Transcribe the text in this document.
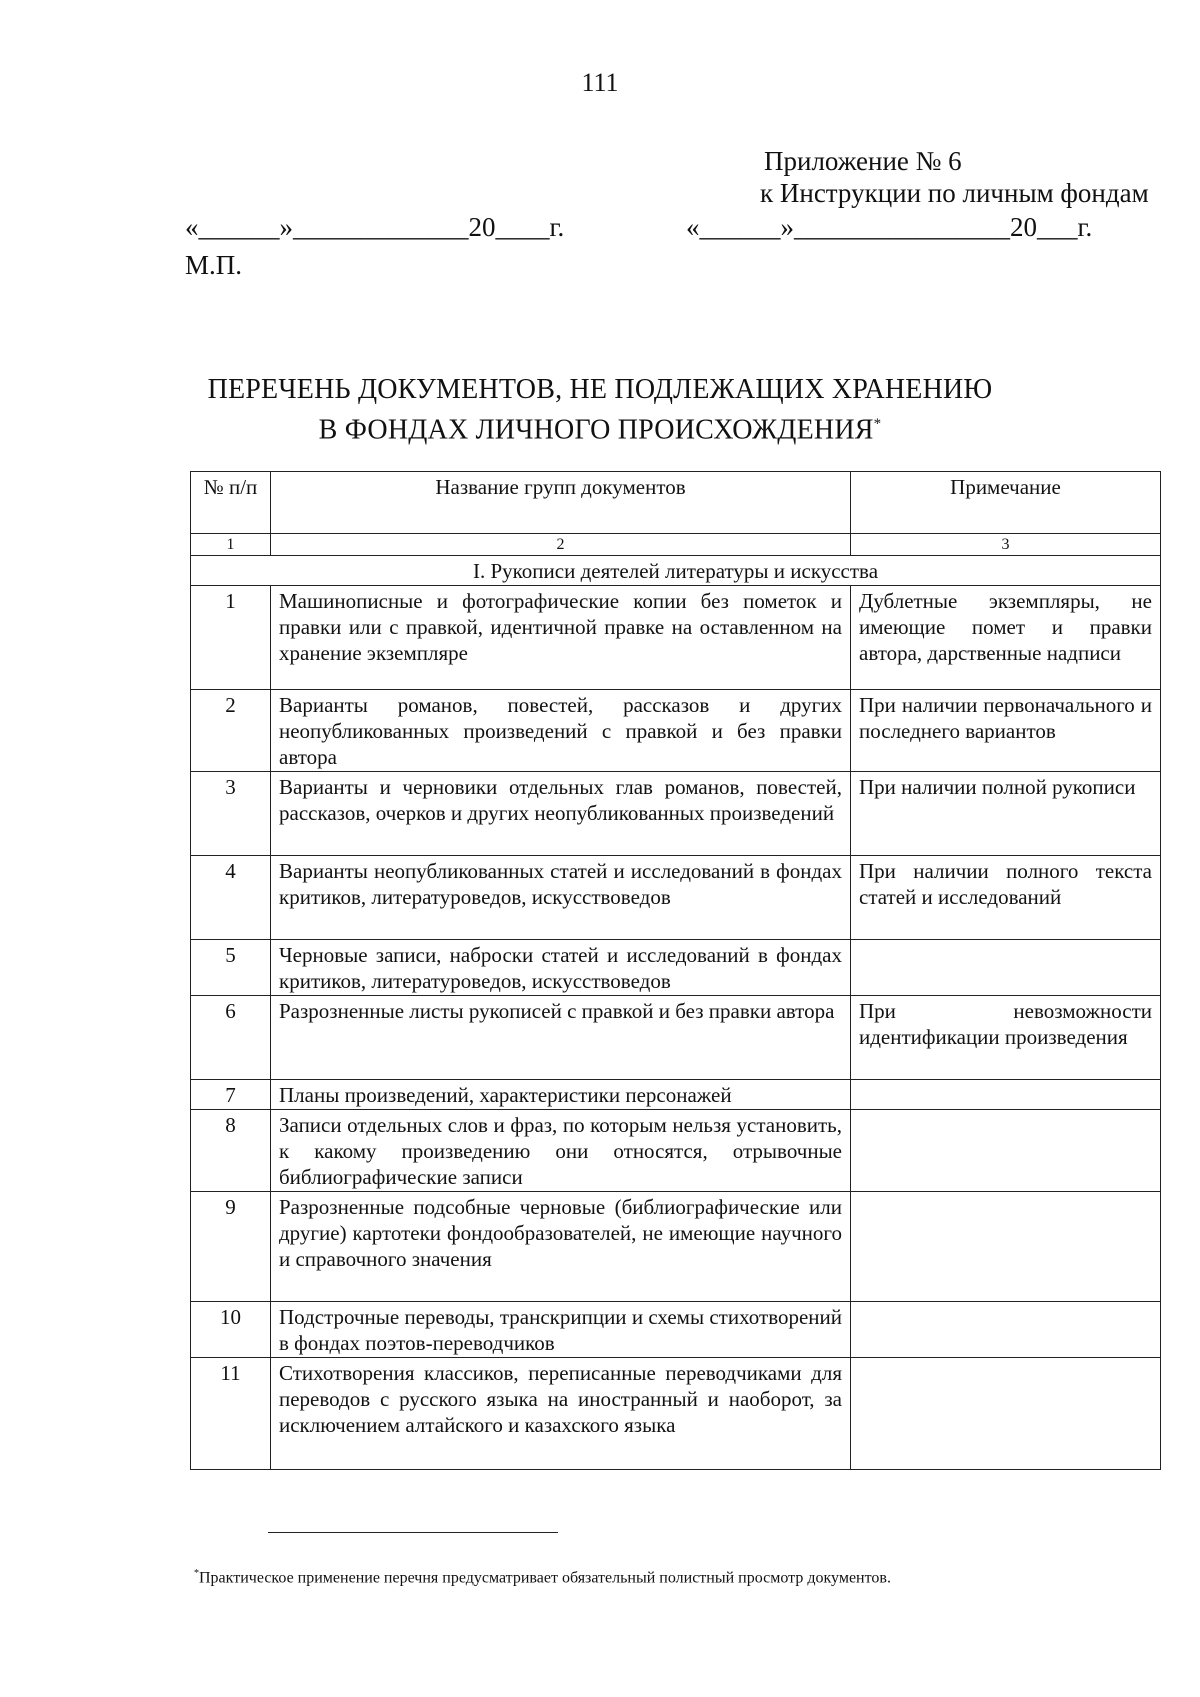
111
Приложение № 6
к Инструкции по личным фондам
«______»_____________20____г.	«______»________________20___г.
М.П.
ПЕРЕЧЕНЬ ДОКУМЕНТОВ, НЕ ПОДЛЕЖАЩИХ ХРАНЕНИЮ
В ФОНДАХ ЛИЧНОГО ПРОИСХОЖДЕНИЯ*
№ п/п	Название групп документов	Примечание
1	2	3
I. Рукописи деятелей литературы и искусства		
1	Машинописные и фотографические копии без пометок и правки или с правкой, идентичной правке на оставленном на хранение экземпляре	Дублетные экземпляры, не имеющие помет и правки автора, дарственные надписи
2	Варианты романов, повестей, рассказов и других неопубликованных произведений с правкой и без правки автора	При наличии первоначального и последнего вариантов
3	Варианты и черновики отдельных глав романов, повестей, рассказов, очерков и других неопубликованных произведений	При наличии полной рукописи
4	Варианты неопубликованных статей и исследований в фондах критиков, литературоведов, искусствоведов	При наличии полного текста статей и исследований
5	Черновые записи, наброски статей и исследований в фондах критиков, литературоведов, искусствоведов	
6	Разрозненные листы рукописей с правкой и без правки автора	При невозможности идентификации произведения
7	Планы произведений, характеристики персонажей	
8	Записи отдельных слов и фраз, по которым нельзя установить, к какому произведению они относятся, отрывочные библиографические записи	
9	Разрозненные подсобные черновые (библиографические или другие) картотеки фондообразователей, не имеющие научного и справочного значения	
10	Подстрочные переводы, транскрипции и схемы стихотворений в фондах поэтов-переводчиков	
11	Стихотворения классиков, переписанные переводчиками для переводов с русского языка на иностранный и наоборот, за исключением алтайского и казахского языка	
*Практическое применение перечня предусматривает обязательный полистный просмотр документов.
